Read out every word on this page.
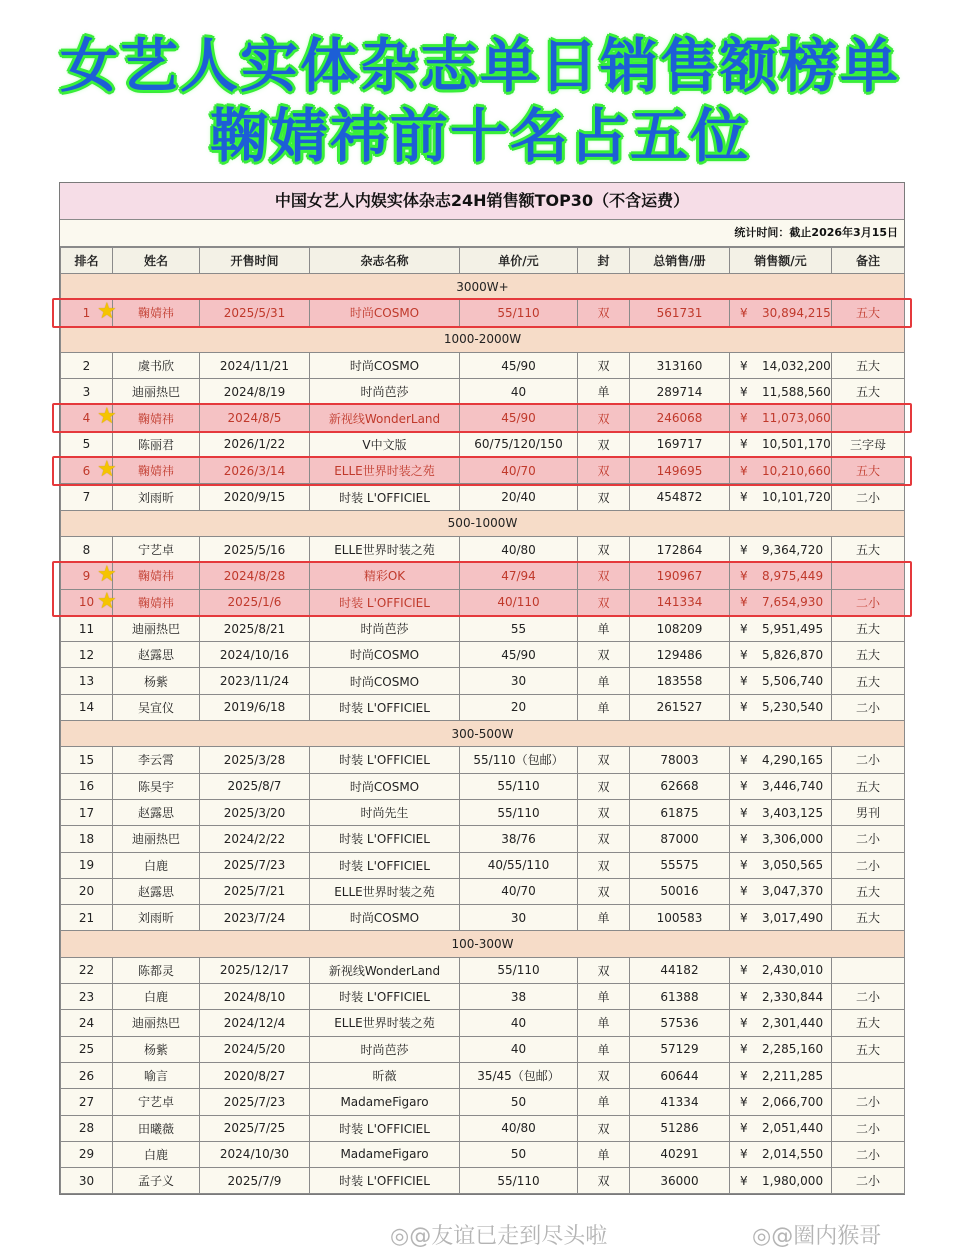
女艺人实体杂志单日销售额榜单
鞠婧祎前十名占五位
中国女艺人内娱实体杂志24H销售额TOP30（不含运费）
统计时间：截止2026年3月15日
排名	姓名	开售时间	杂志名称	单价/元	封	总销售/册	销售额/元	备注
3000W+								
1 ★	鞠婧祎	2025/5/31	时尚COSMO	55/110	双	561731	¥ 30,894,215	五大
1000-2000W								
2	虞书欣	2024/11/21	时尚COSMO	45/90	双	313160	¥ 14,032,200	五大
3	迪丽热巴	2024/8/19	时尚芭莎	40	单	289714	¥ 11,588,560	五大
4 ★	鞠婧祎	2024/8/5	新视线WonderLand	45/90	双	246068	¥ 11,073,060	
5	陈丽君	2026/1/22	V中文版	60/75/120/150	双	169717	¥ 10,501,170	三字母
6 ★	鞠婧祎	2026/3/14	ELLE世界时装之苑	40/70	双	149695	¥ 10,210,660	五大
7	刘雨昕	2020/9/15	时装 L'OFFICIEL	20/40	双	454872	¥ 10,101,720	二小
500-1000W								
8	宁艺卓	2025/5/16	ELLE世界时装之苑	40/80	双	172864	¥ 9,364,720	五大
9 ★	鞠婧祎	2024/8/28	精彩OK	47/94	双	190967	¥ 8,975,449	
10 ★	鞠婧祎	2025/1/6	时装 L'OFFICIEL	40/110	双	141334	¥ 7,654,930	二小
11	迪丽热巴	2025/8/21	时尚芭莎	55	单	108209	¥ 5,951,495	五大
12	赵露思	2024/10/16	时尚COSMO	45/90	双	129486	¥ 5,826,870	五大
13	杨紫	2023/11/24	时尚COSMO	30	单	183558	¥ 5,506,740	五大
14	吴宣仪	2019/6/18	时装 L'OFFICIEL	20	单	261527	¥ 5,230,540	二小
300-500W								
15	李云霄	2025/3/28	时装 L'OFFICIEL	55/110（包邮）	双	78003	¥ 4,290,165	二小
16	陈昊宇	2025/8/7	时尚COSMO	55/110	双	62668	¥ 3,446,740	五大
17	赵露思	2025/3/20	时尚先生	55/110	双	61875	¥ 3,403,125	男刊
18	迪丽热巴	2024/2/22	时装 L'OFFICIEL	38/76	双	87000	¥ 3,306,000	二小
19	白鹿	2025/7/23	时装 L'OFFICIEL	40/55/110	双	55575	¥ 3,050,565	二小
20	赵露思	2025/7/21	ELLE世界时装之苑	40/70	双	50016	¥ 3,047,370	五大
21	刘雨昕	2023/7/24	时尚COSMO	30	单	100583	¥ 3,017,490	五大
100-300W								
22	陈都灵	2025/12/17	新视线WonderLand	55/110	双	44182	¥ 2,430,010	
23	白鹿	2024/8/10	时装 L'OFFICIEL	38	单	61388	¥ 2,330,844	二小
24	迪丽热巴	2024/12/4	ELLE世界时装之苑	40	单	57536	¥ 2,301,440	五大
25	杨紫	2024/5/20	时尚芭莎	40	单	57129	¥ 2,285,160	五大
26	喻言	2020/8/27	昕薇	35/45（包邮）	双	60644	¥ 2,211,285	
27	宁艺卓	2025/7/23	MadameFigaro	50	单	41334	¥ 2,066,700	二小
28	田曦薇	2025/7/25	时装 L'OFFICIEL	40/80	双	51286	¥ 2,051,440	二小
29	白鹿	2024/10/30	MadameFigaro	50	单	40291	¥ 2,014,550	二小
30	孟子义	2025/7/9	时装 L'OFFICIEL	55/110	双	36000	¥ 1,980,000	二小
◎@友谊已走到尽头啦	◎@圈内猴哥
